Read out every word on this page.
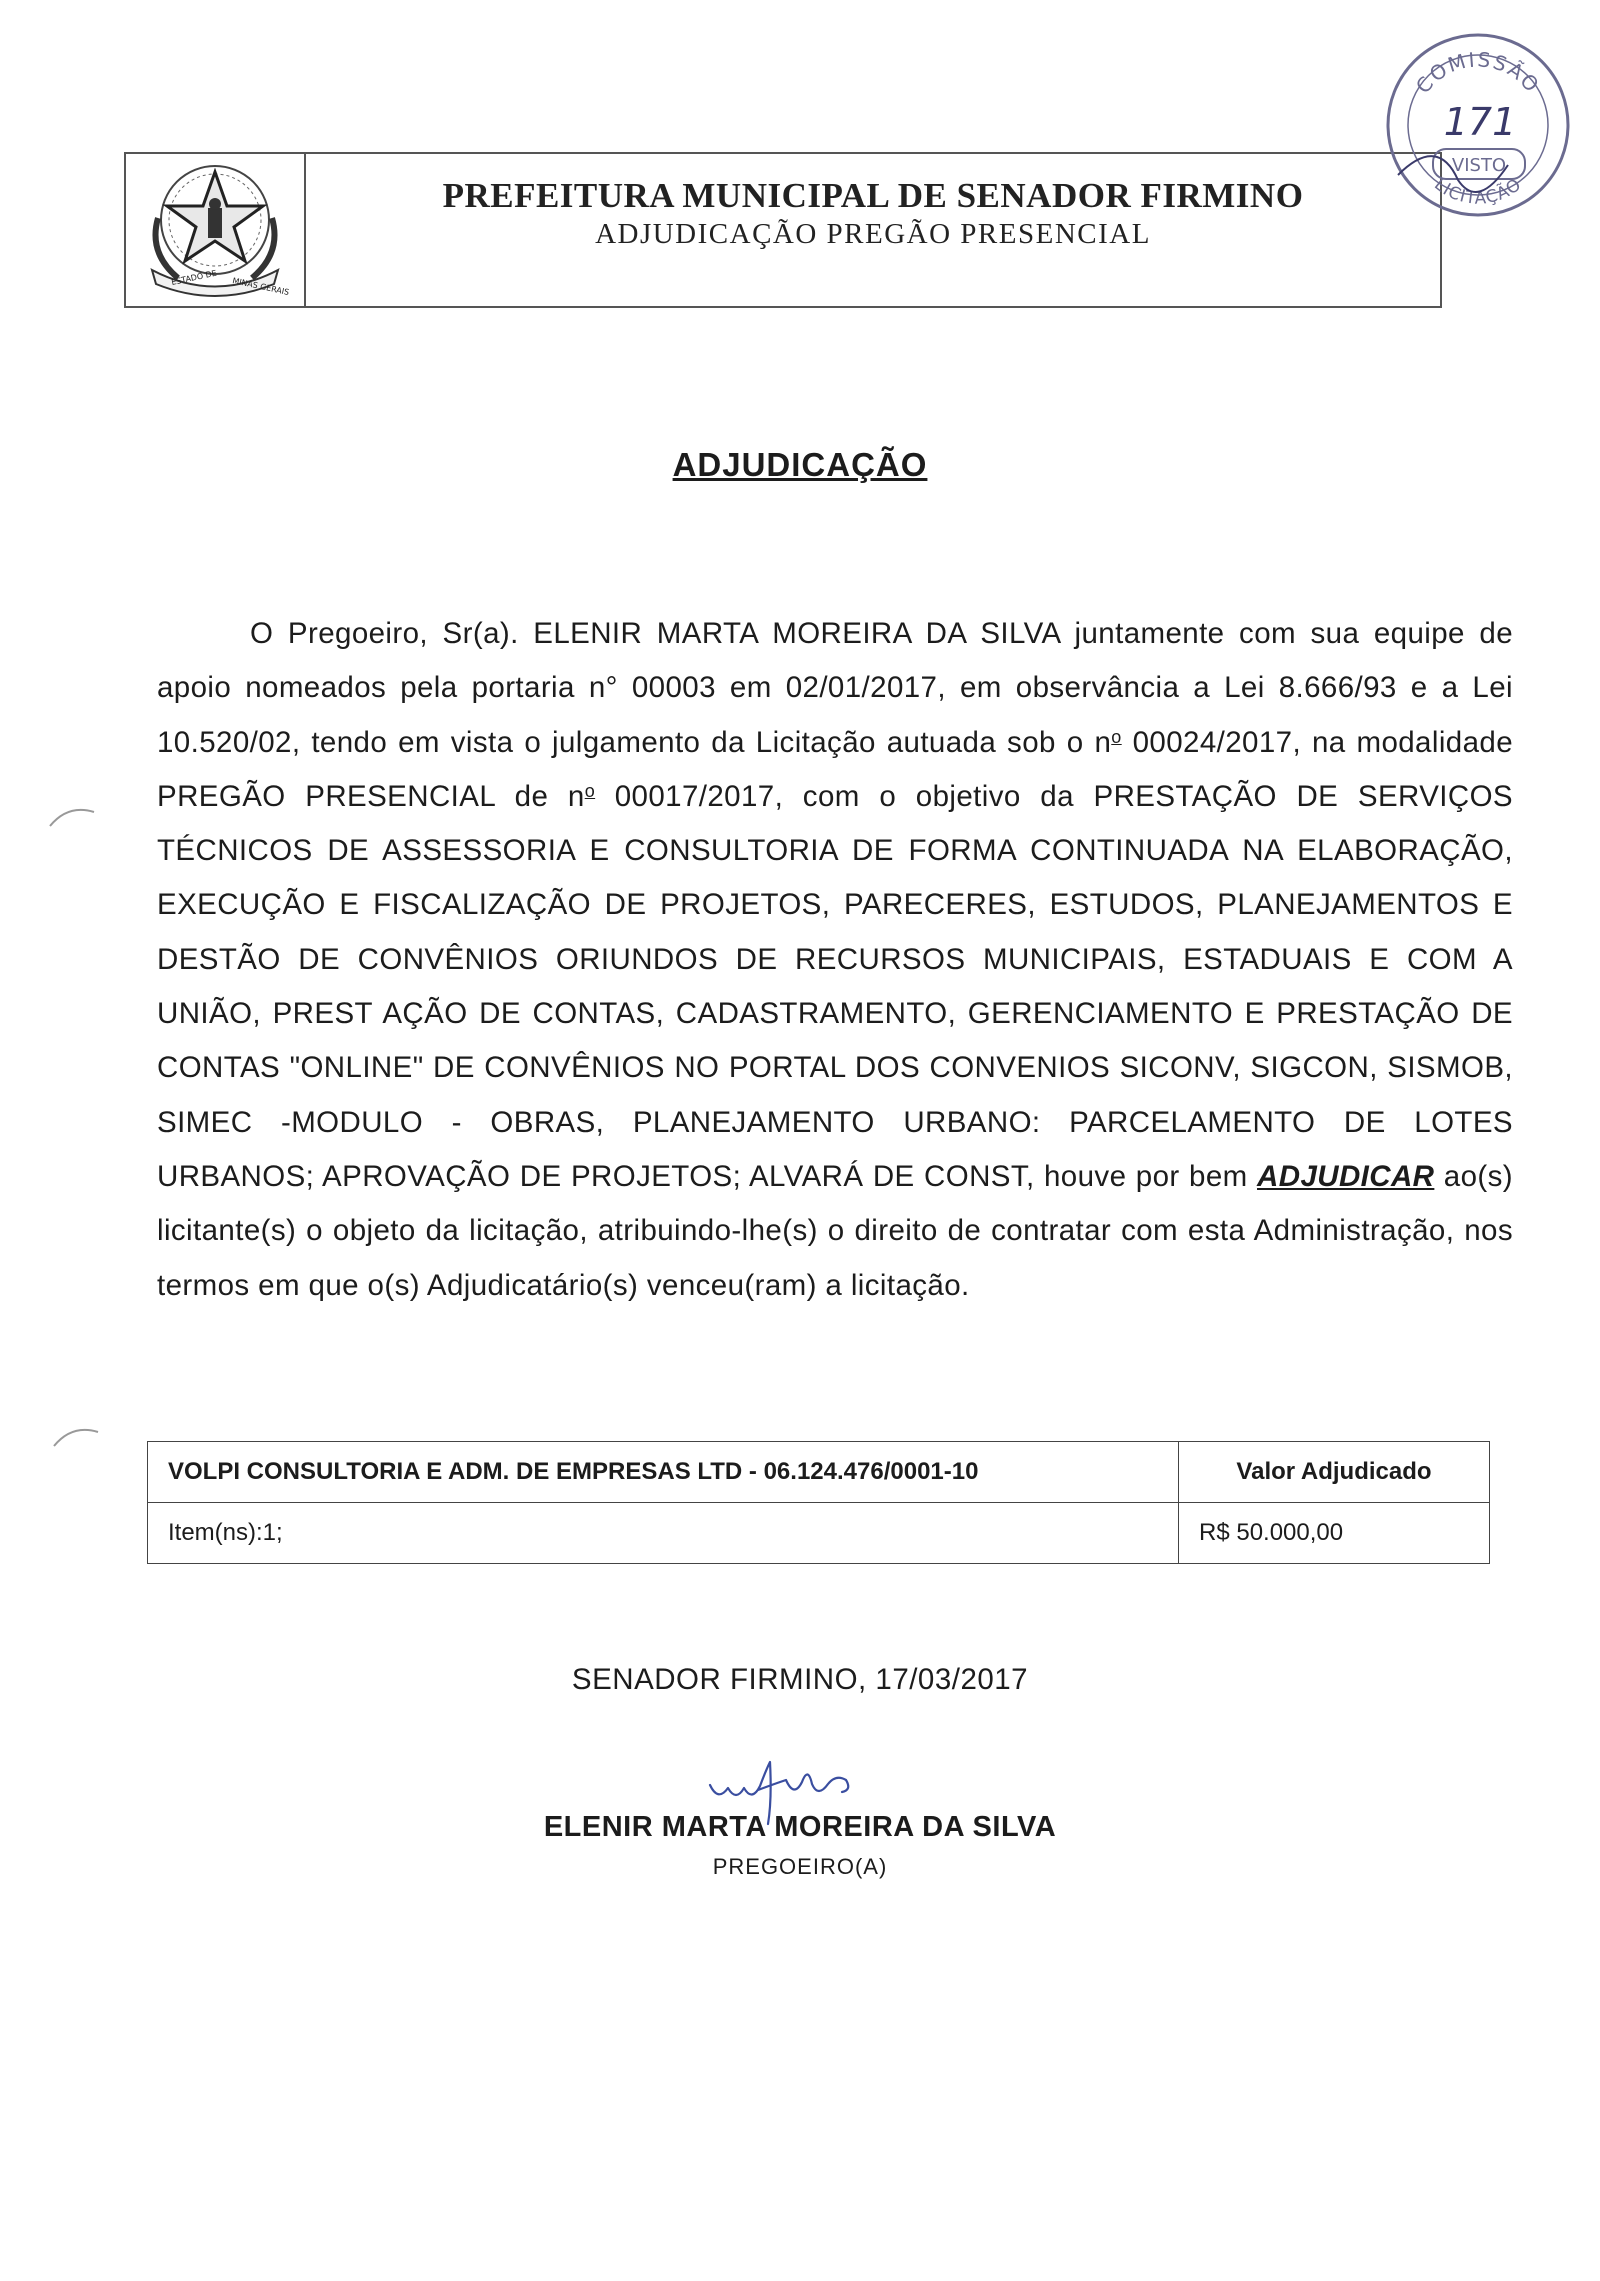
ESTADO DE MINAS GERAIS
PREFEITURA MUNICIPAL DE SENADOR FIRMINO
ADJUDICAÇÃO PREGÃO PRESENCIAL
COMISSÃO
171
VISTO
LICITAÇÃO
ADJUDICAÇÃO

O Pregoeiro, Sr(a). ELENIR MARTA MOREIRA DA SILVA juntamente com sua equipe de apoio nomeados pela portaria n° 00003 em 02/01/2017, em observância a Lei 8.666/93 e a Lei 10.520/02, tendo em vista o julgamento da Licitação autuada sob o $n^o$ 00024/2017, na modalidade PREGÃO PRESENCIAL de $n^o$ 00017/2017, com o objetivo da PRESTAÇÃO DE SERVIÇOS TÉCNICOS DE ASSESSORIA E CONSULTORIA DE FORMA CONTINUADA NA ELABORAÇÃO, EXECUÇÃO E FISCALIZAÇÃO DE PROJETOS, PARECERES, ESTUDOS, PLANEJAMENTOS E DESTÃO DE CONVÊNIOS ORIUNDOS DE RECURSOS MUNICIPAIS, ESTADUAIS E COM A UNIÃO, PREST AÇÃO DE CONTAS, CADASTRAMENTO, GERENCIAMENTO E PRESTAÇÃO DE CONTAS "ONLINE" DE CONVÊNIOS NO PORTAL DOS CONVENIOS SICONV, SIGCON, SISMOB, SIMEC -MODULO - OBRAS, PLANEJAMENTO URBANO: PARCELAMENTO DE LOTES URBANOS; APROVAÇÃO DE PROJETOS; ALVARÁ DE CONST, houve por bem ADJUDICAR ao(s) licitante(s) o objeto da licitação, atribuindo-lhe(s) o direito de contratar com esta Administração, nos termos em que o(s) Adjudicatário(s) venceu(ram) a licitação.

VOLPI CONSULTORIA E ADM. DE EMPRESAS LTD - 06.124.476/0001-10	Valor Adjudicado
Item(ns):1;	R$ 50.000,00
SENADOR FIRMINO, 17/03/2017
ELENIR MARTA MOREIRA DA SILVA
PREGOEIRO(A)
